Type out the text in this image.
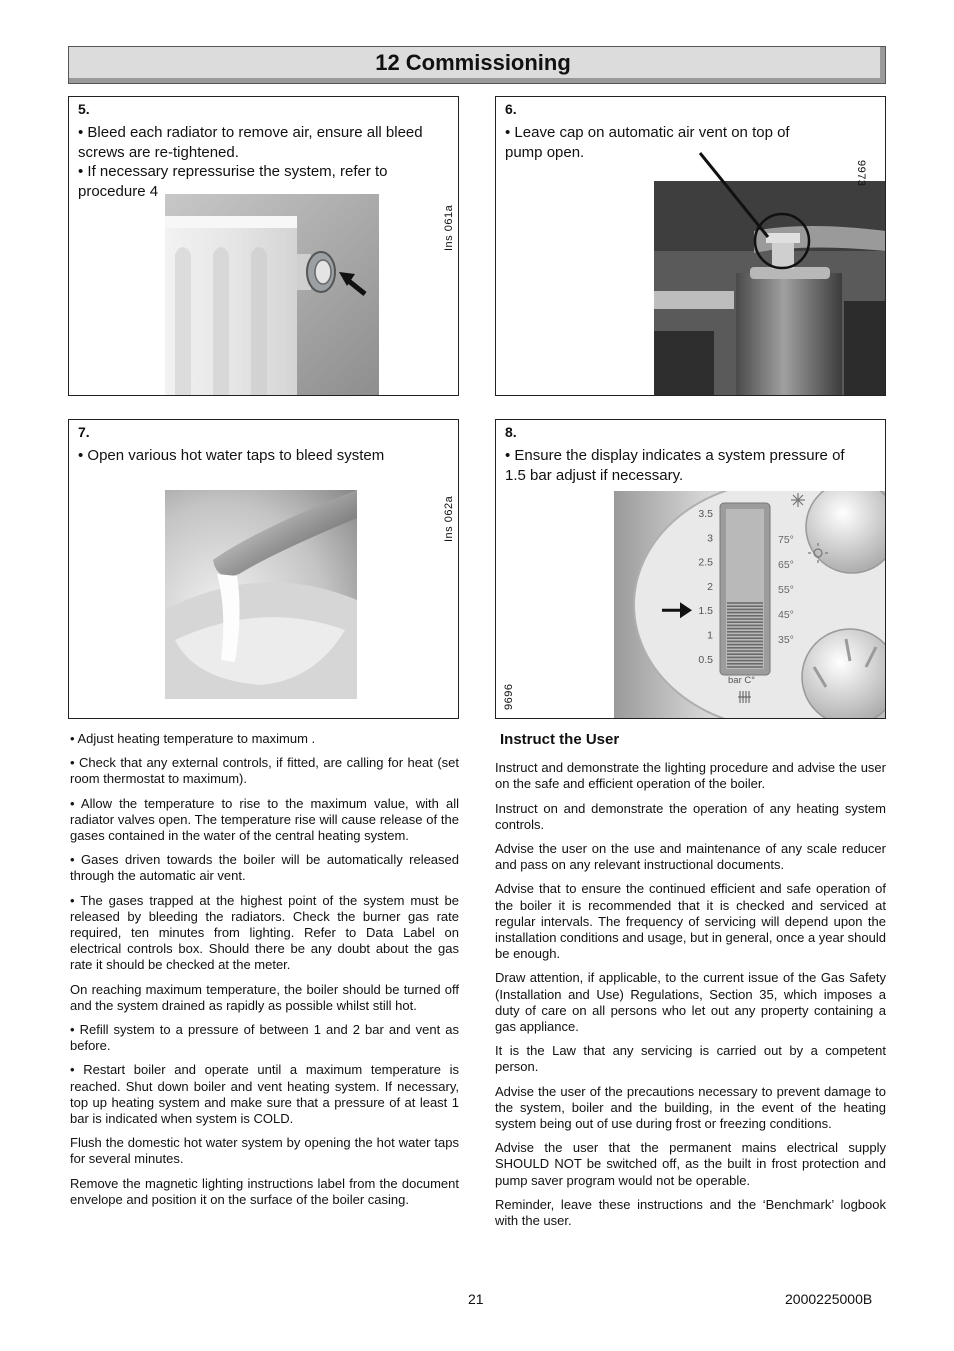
12 Commissioning
5.
• Bleed each radiator to remove air, ensure all bleed screws are re-tightened.
• If necessary repressurise the system, refer to procedure 4
Ins 061a
6.
• Leave cap on automatic air vent on top of pump open.
9973
7.
• Open various hot water taps to bleed system
Ins 062a
8.
• Ensure the display indicates a system pressure of 1.5 bar adjust if necessary.
3.5
3
2.5
2
1.5
1
0.5
75°
65°
55°
45°
35°
bar C°
9696

• Adjust heating temperature to maximum .

• Check that any external controls, if fitted, are calling for heat (set room thermostat to maximum).

• Allow the temperature to rise to the maximum value, with all radiator valves open. The temperature rise will cause release of the gases contained in the water of the central heating system.

• Gases driven towards the boiler will be automatically released through the automatic air vent.

• The gases trapped at the highest point of the system must be released by bleeding the radiators. Check the burner gas rate required, ten minutes from lighting. Refer to Data Label on electrical controls box. Should there be any doubt about the gas rate it should be checked at the meter.

On reaching maximum temperature, the boiler should be turned off and the system drained as rapidly as possible whilst still hot.

• Refill system to a pressure of between 1 and 2 bar and vent as before.

• Restart boiler and operate until a maximum temperature is reached. Shut down boiler and vent heating system. If necessary, top up heating system and make sure that a pressure of at least 1 bar is indicated when system is COLD.

Flush the domestic hot water system by opening the hot water taps for several minutes.

Remove the magnetic lighting instructions label from the document envelope and position it on the surface of the boiler casing.

Instruct the User

Instruct and demonstrate the lighting procedure and advise the user on the safe and efficient operation of the boiler.

Instruct on and demonstrate the operation of any heating system controls.

Advise the user on the use and maintenance of any scale reducer and pass on any relevant instructional documents.

Advise that to ensure the continued efficient and safe operation of the boiler it is recommended that it is checked and serviced at regular intervals. The frequency of servicing will depend upon the installation conditions and usage, but in general, once a year should be enough.

Draw attention, if applicable, to the current issue of the Gas Safety (Installation and Use) Regulations, Section 35, which imposes a duty of care on all persons who let out any property containing a gas appliance.

It is the Law that any servicing is carried out by a competent person.

Advise the user of the precautions necessary to prevent damage to the system, boiler and the building, in the event of the heating system being out of use during frost or freezing conditions.

Advise the user that the permanent mains electrical supply SHOULD NOT be switched off, as the built in frost protection and pump saver program would not be operable.

Reminder, leave these instructions and the ‘Benchmark’ logbook with the user.

21	2000225000B
